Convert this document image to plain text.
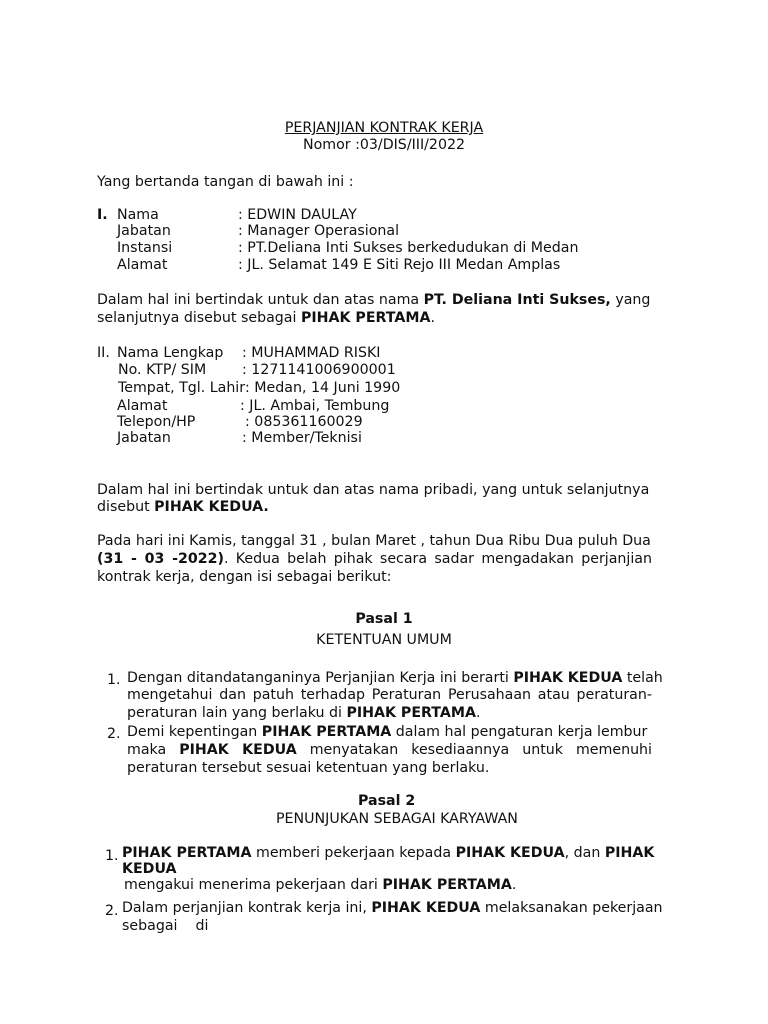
PERJANJIAN KONTRAK KERJA
Nomor :03/DIS/III/2022
Yang bertanda tangan di bawah ini :
I. Nama	: EDWIN DAULAY
Jabatan	: Manager Operasional
Instansi	: PT.Deliana Inti Sukses berkedudukan di Medan
Alamat	: JL. Selamat 149 E Siti Rejo III Medan Amplas
Dalam hal ini bertindak untuk dan atas nama PT. Deliana Inti Sukses, yang
selanjutnya disebut sebagai PIHAK PERTAMA.
II. Nama Lengkap : MUHAMMAD RISKI
No. KTP/ SIM	: 1271141006900001
Tempat, Tgl. Lahir : Medan, 14 Juni 1990
Alamat	: JL. Ambai, Tembung
Telepon/HP	: 085361160029
Jabatan	: Member/Teknisi
Dalam hal ini bertindak untuk dan atas nama pribadi, yang untuk selanjutnya
disebut PIHAK KEDUA.
Pada hari ini Kamis, tanggal 31 , bulan Maret , tahun Dua Ribu Dua puluh Dua
(31 - 03 -2022). Kedua belah pihak secara sadar mengadakan perjanjian
kontrak kerja, dengan isi sebagai berikut:
Pasal 1
KETENTUAN UMUM
1. Dengan ditandatanganinya Perjanjian Kerja ini berarti PIHAK KEDUA telah
mengetahui dan patuh terhadap Peraturan Perusahaan atau peraturan-
peraturan lain yang berlaku di PIHAK PERTAMA.
2. Demi kepentingan PIHAK PERTAMA dalam hal pengaturan kerja lembur
maka PIHAK KEDUA menyatakan kesediaannya untuk memenuhi
peraturan tersebut sesuai ketentuan yang berlaku.
Pasal 2
PENUNJUKAN SEBAGAI KARYAWAN
1. PIHAK PERTAMA memberi pekerjaan kepada PIHAK KEDUA, dan PIHAK
KEDUA
mengakui menerima pekerjaan dari PIHAK PERTAMA.
2. Dalam perjanjian kontrak kerja ini, PIHAK KEDUA melaksanakan pekerjaan
sebagai    di
